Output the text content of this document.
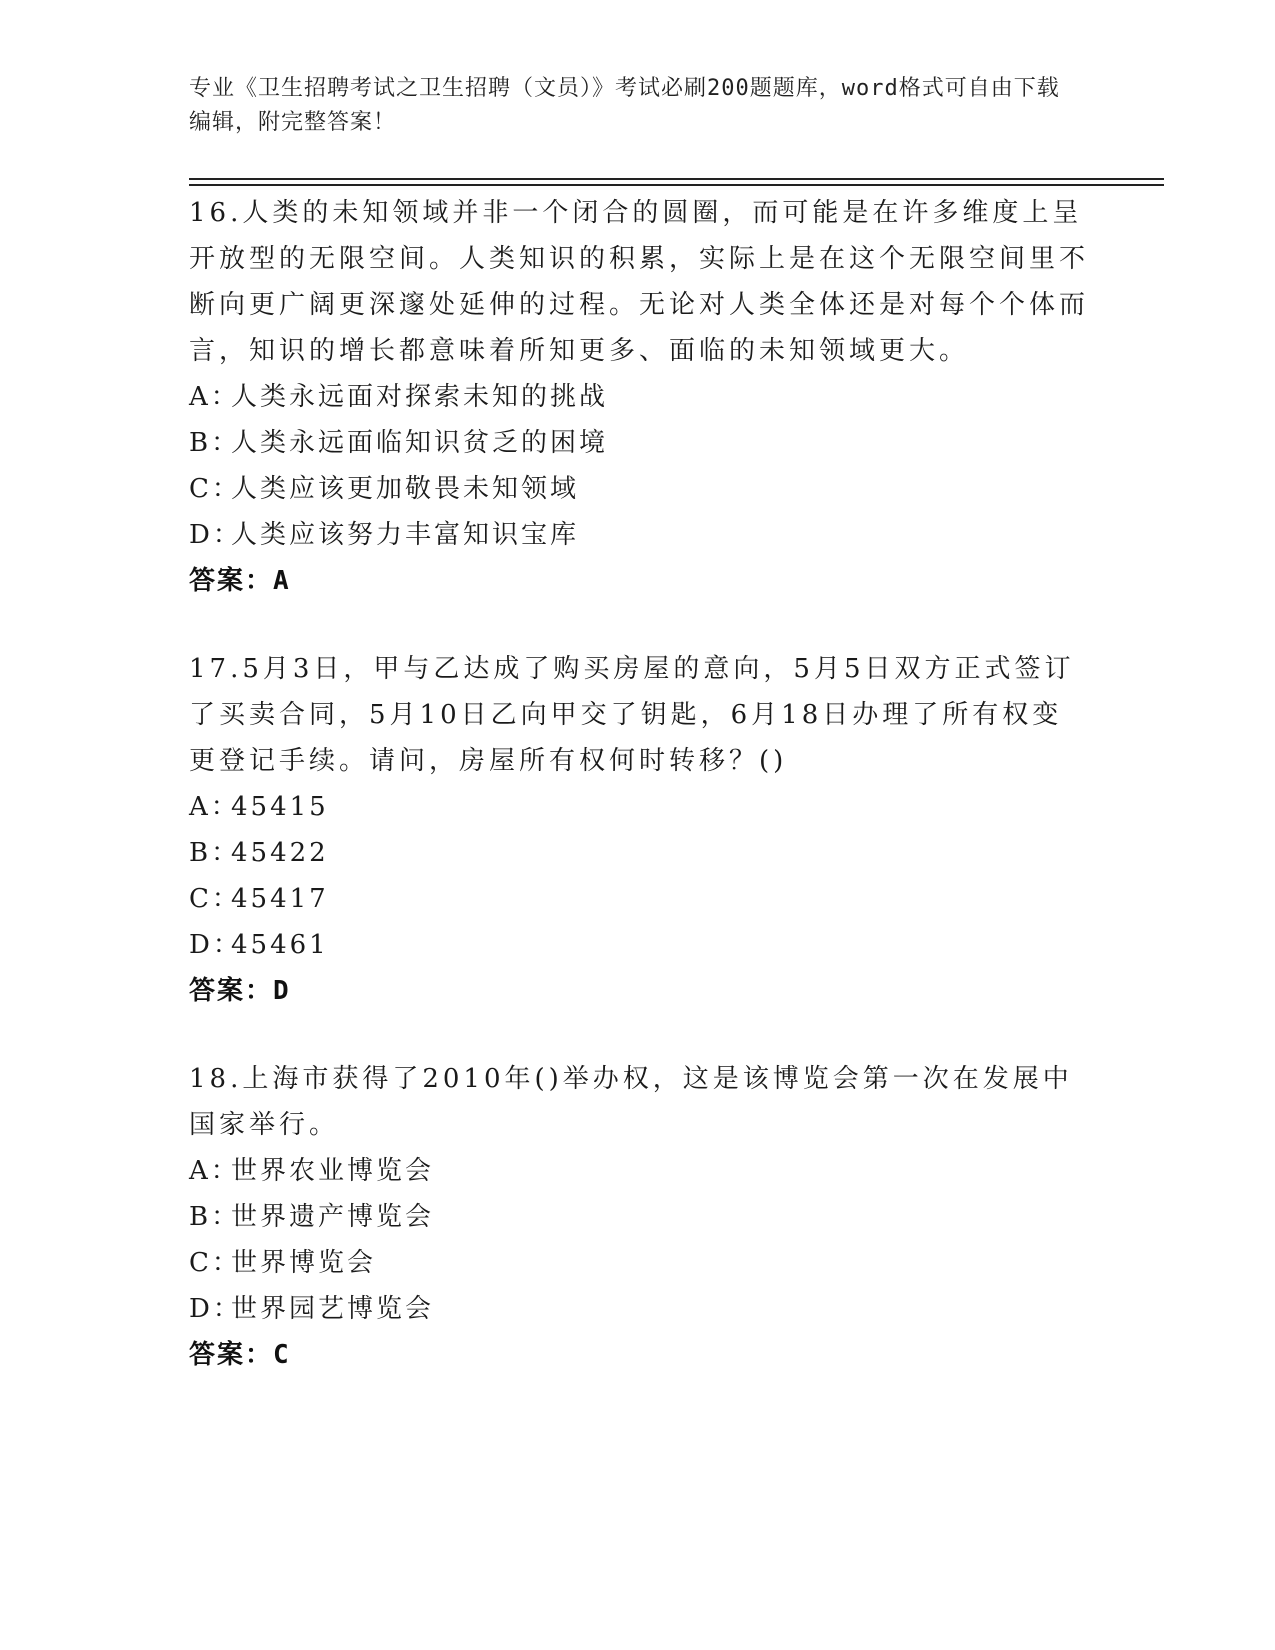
专业《卫生招聘考试之卫生招聘（文员）》考试必刷200题题库，word格式可自由下载编辑，附完整答案！
16.人类的未知领域并非一个闭合的圆圈，而可能是在许多维度上呈开放型的无限空间。人类知识的积累，实际上是在这个无限空间里不断向更广阔更深邃处延伸的过程。无论对人类全体还是对每个个体而言，知识的增长都意味着所知更多、面临的未知领域更大。
A：人类永远面对探索未知的挑战
B：人类永远面临知识贫乏的困境
C：人类应该更加敬畏未知领域
D：人类应该努力丰富知识宝库
答案：A
17.5月3日，甲与乙达成了购买房屋的意向，5月5日双方正式签订了买卖合同，5月10日乙向甲交了钥匙，6月18日办理了所有权变更登记手续。请问，房屋所有权何时转移？()
A：45415
B：45422
C：45417
D：45461
答案：D
18.上海市获得了2010年()举办权，这是该博览会第一次在发展中国家举行。
A：世界农业博览会
B：世界遗产博览会
C：世界博览会
D：世界园艺博览会
答案：C
